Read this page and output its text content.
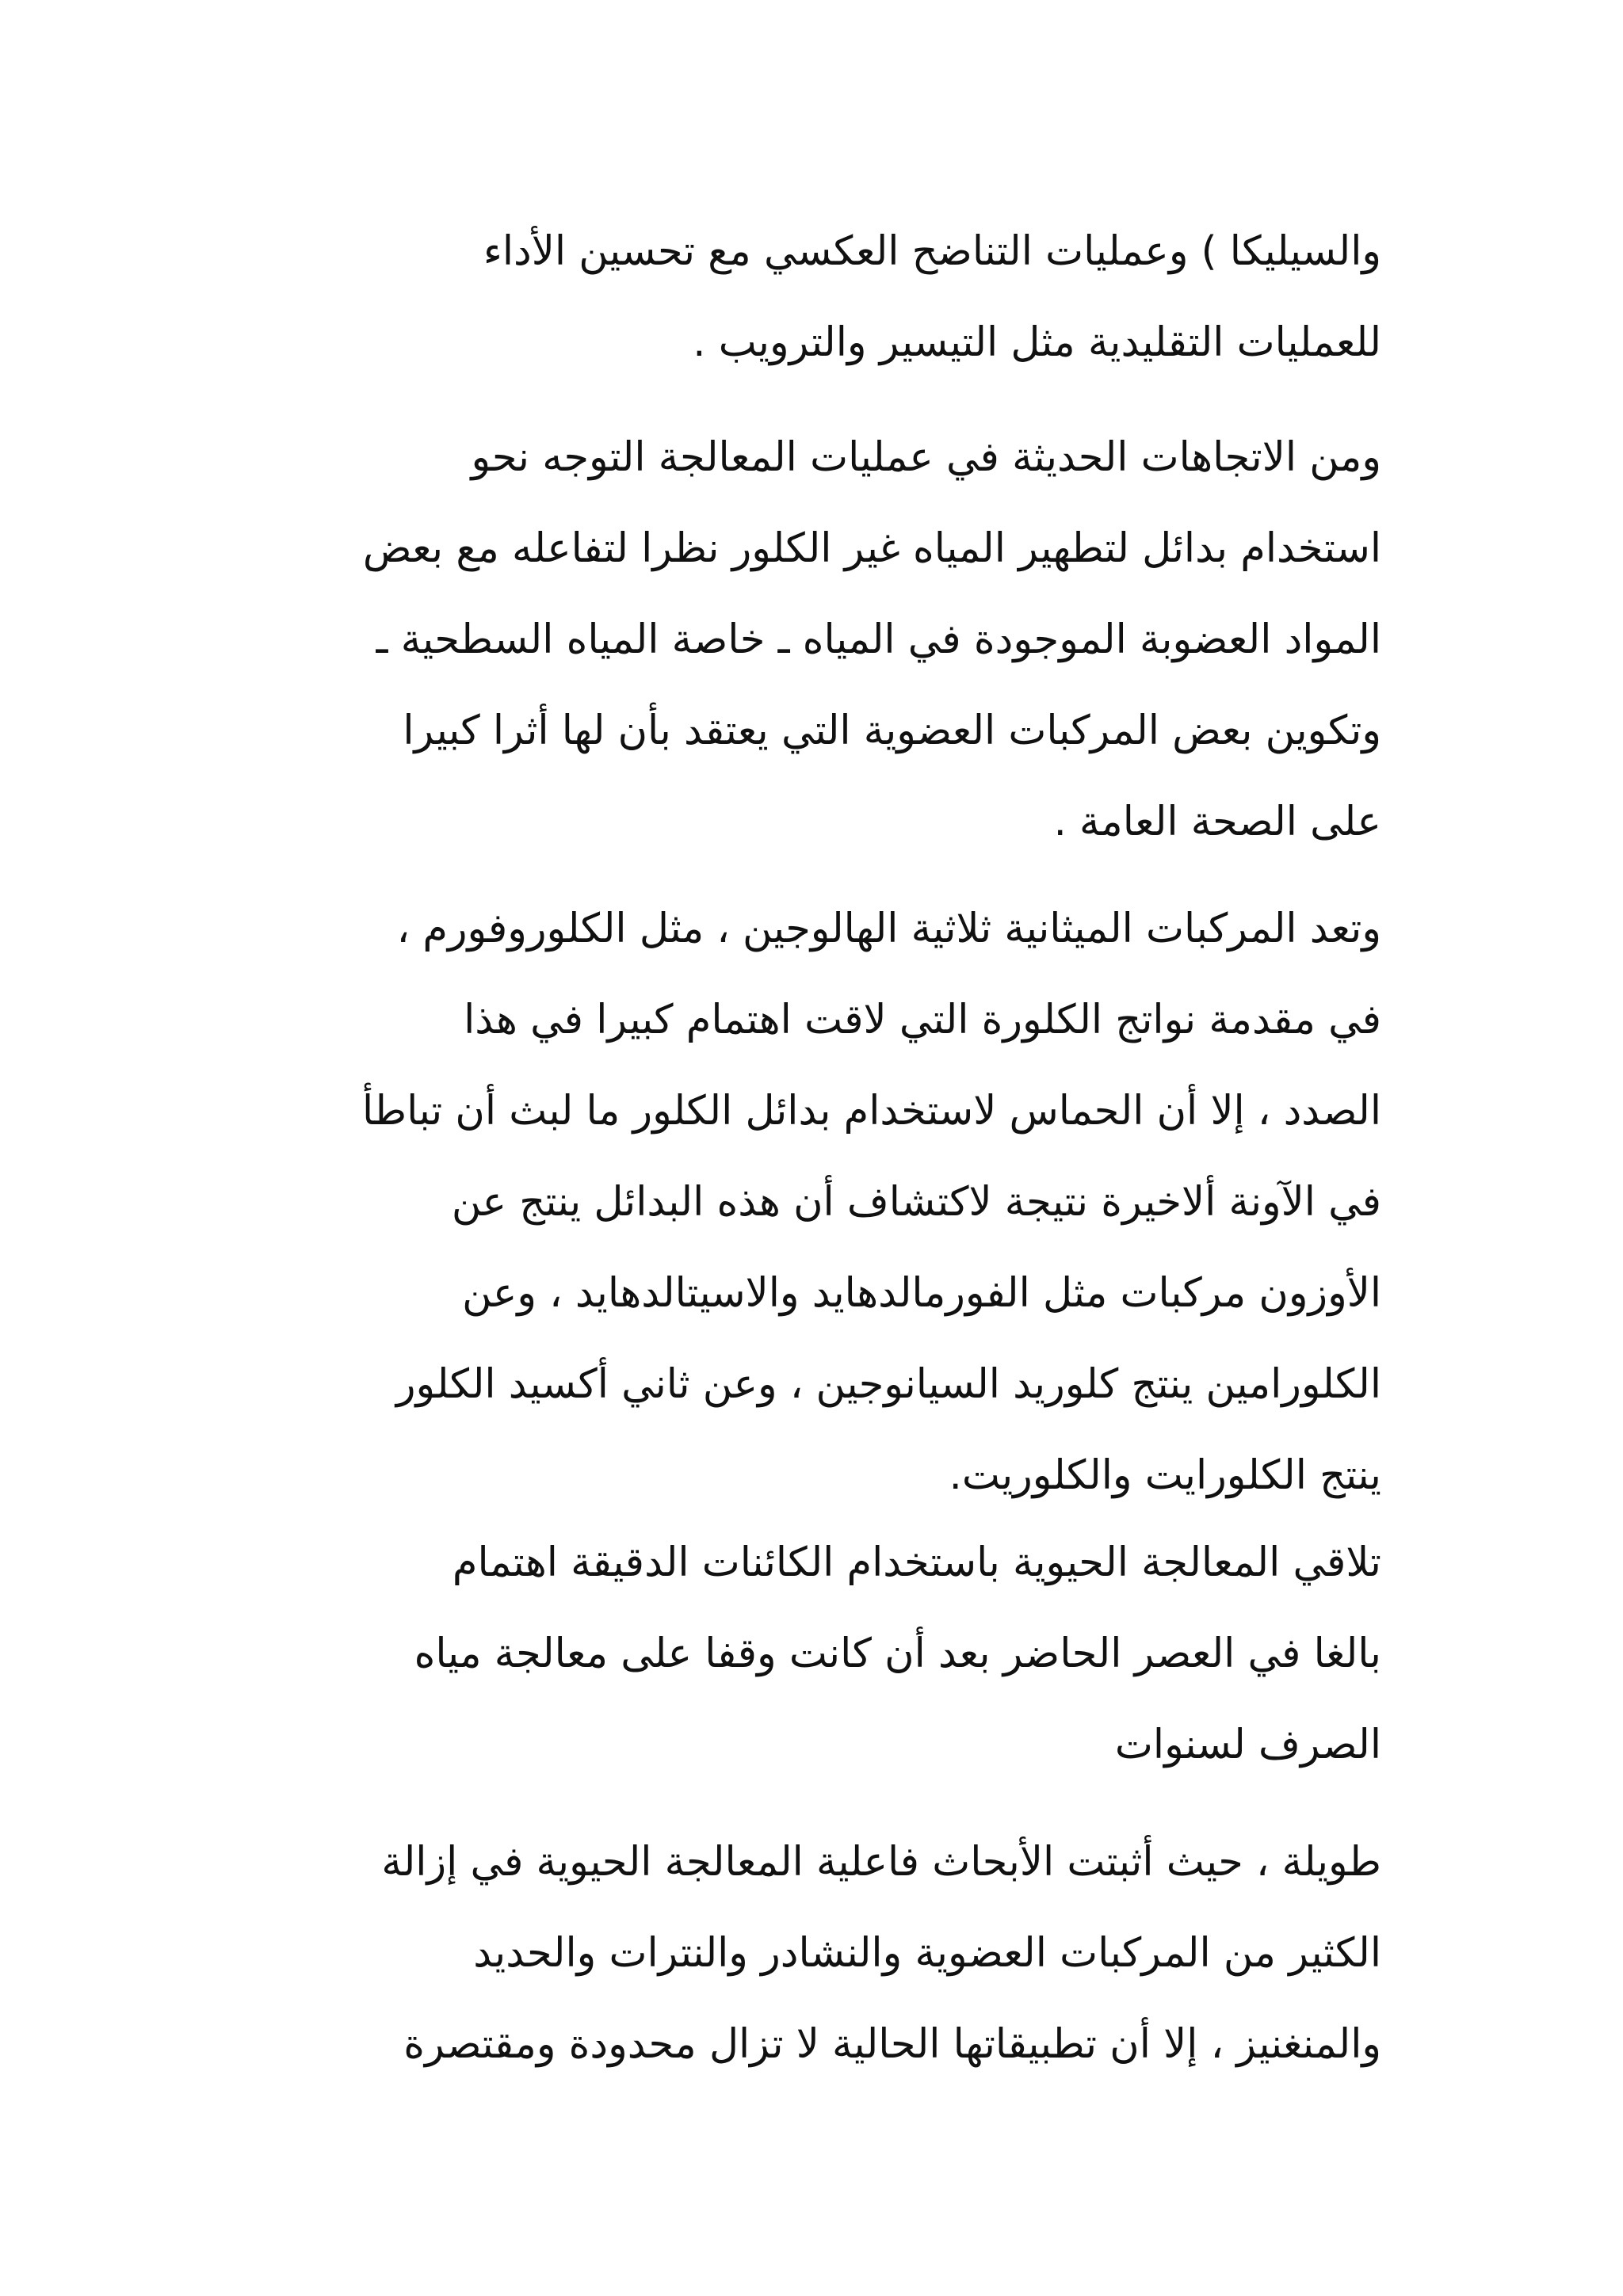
والسيليكا ) وعمليات التناضح العكسي مع تحسين الأداء
للعمليات التقليدية مثل التيسير والترويب .
ومن الاتجاهات الحديثة في عمليات المعالجة التوجه نحو
استخدام بدائل لتطهير المياه غير الكلور نظرا لتفاعله مع بعض
المواد العضوبة الموجودة في المياه ـ خاصة المياه السطحية ـ
وتكوين بعض المركبات العضوية التي يعتقد بأن لها أثرا كبيرا
على الصحة العامة .
وتعد المركبات الميثانية ثلاثية الهالوجين ، مثل الكلوروفورم ،
في مقدمة نواتج الكلورة التي لاقت اهتمام كبيرا في هذا
الصدد ، إلا أن الحماس لاستخدام بدائل الكلور ما لبث أن تباطأ
في الآونة ألاخيرة نتيجة لاكتشاف أن هذه البدائل ينتج عن
الأوزون مركبات مثل الفورمالدهايد والاسيتالدهايد ، وعن
الكلورامين ينتج كلوريد السيانوجين ، وعن ثاني أكسيد الكلور
ينتج الكلورايت والكلوريت.
تلاقي المعالجة الحيوية باستخدام الكائنات الدقيقة اهتمام
بالغا في العصر الحاضر بعد أن كانت وقفا على معالجة مياه
الصرف لسنوات
طويلة ، حيث أثبتت الأبحاث فاعلية المعالجة الحيوية في إزالة
الكثير من المركبات العضوية والنشادر والنترات والحديد
والمنغنيز ، إلا أن تطبيقاتها الحالية لا تزال محدودة ومقتصرة
